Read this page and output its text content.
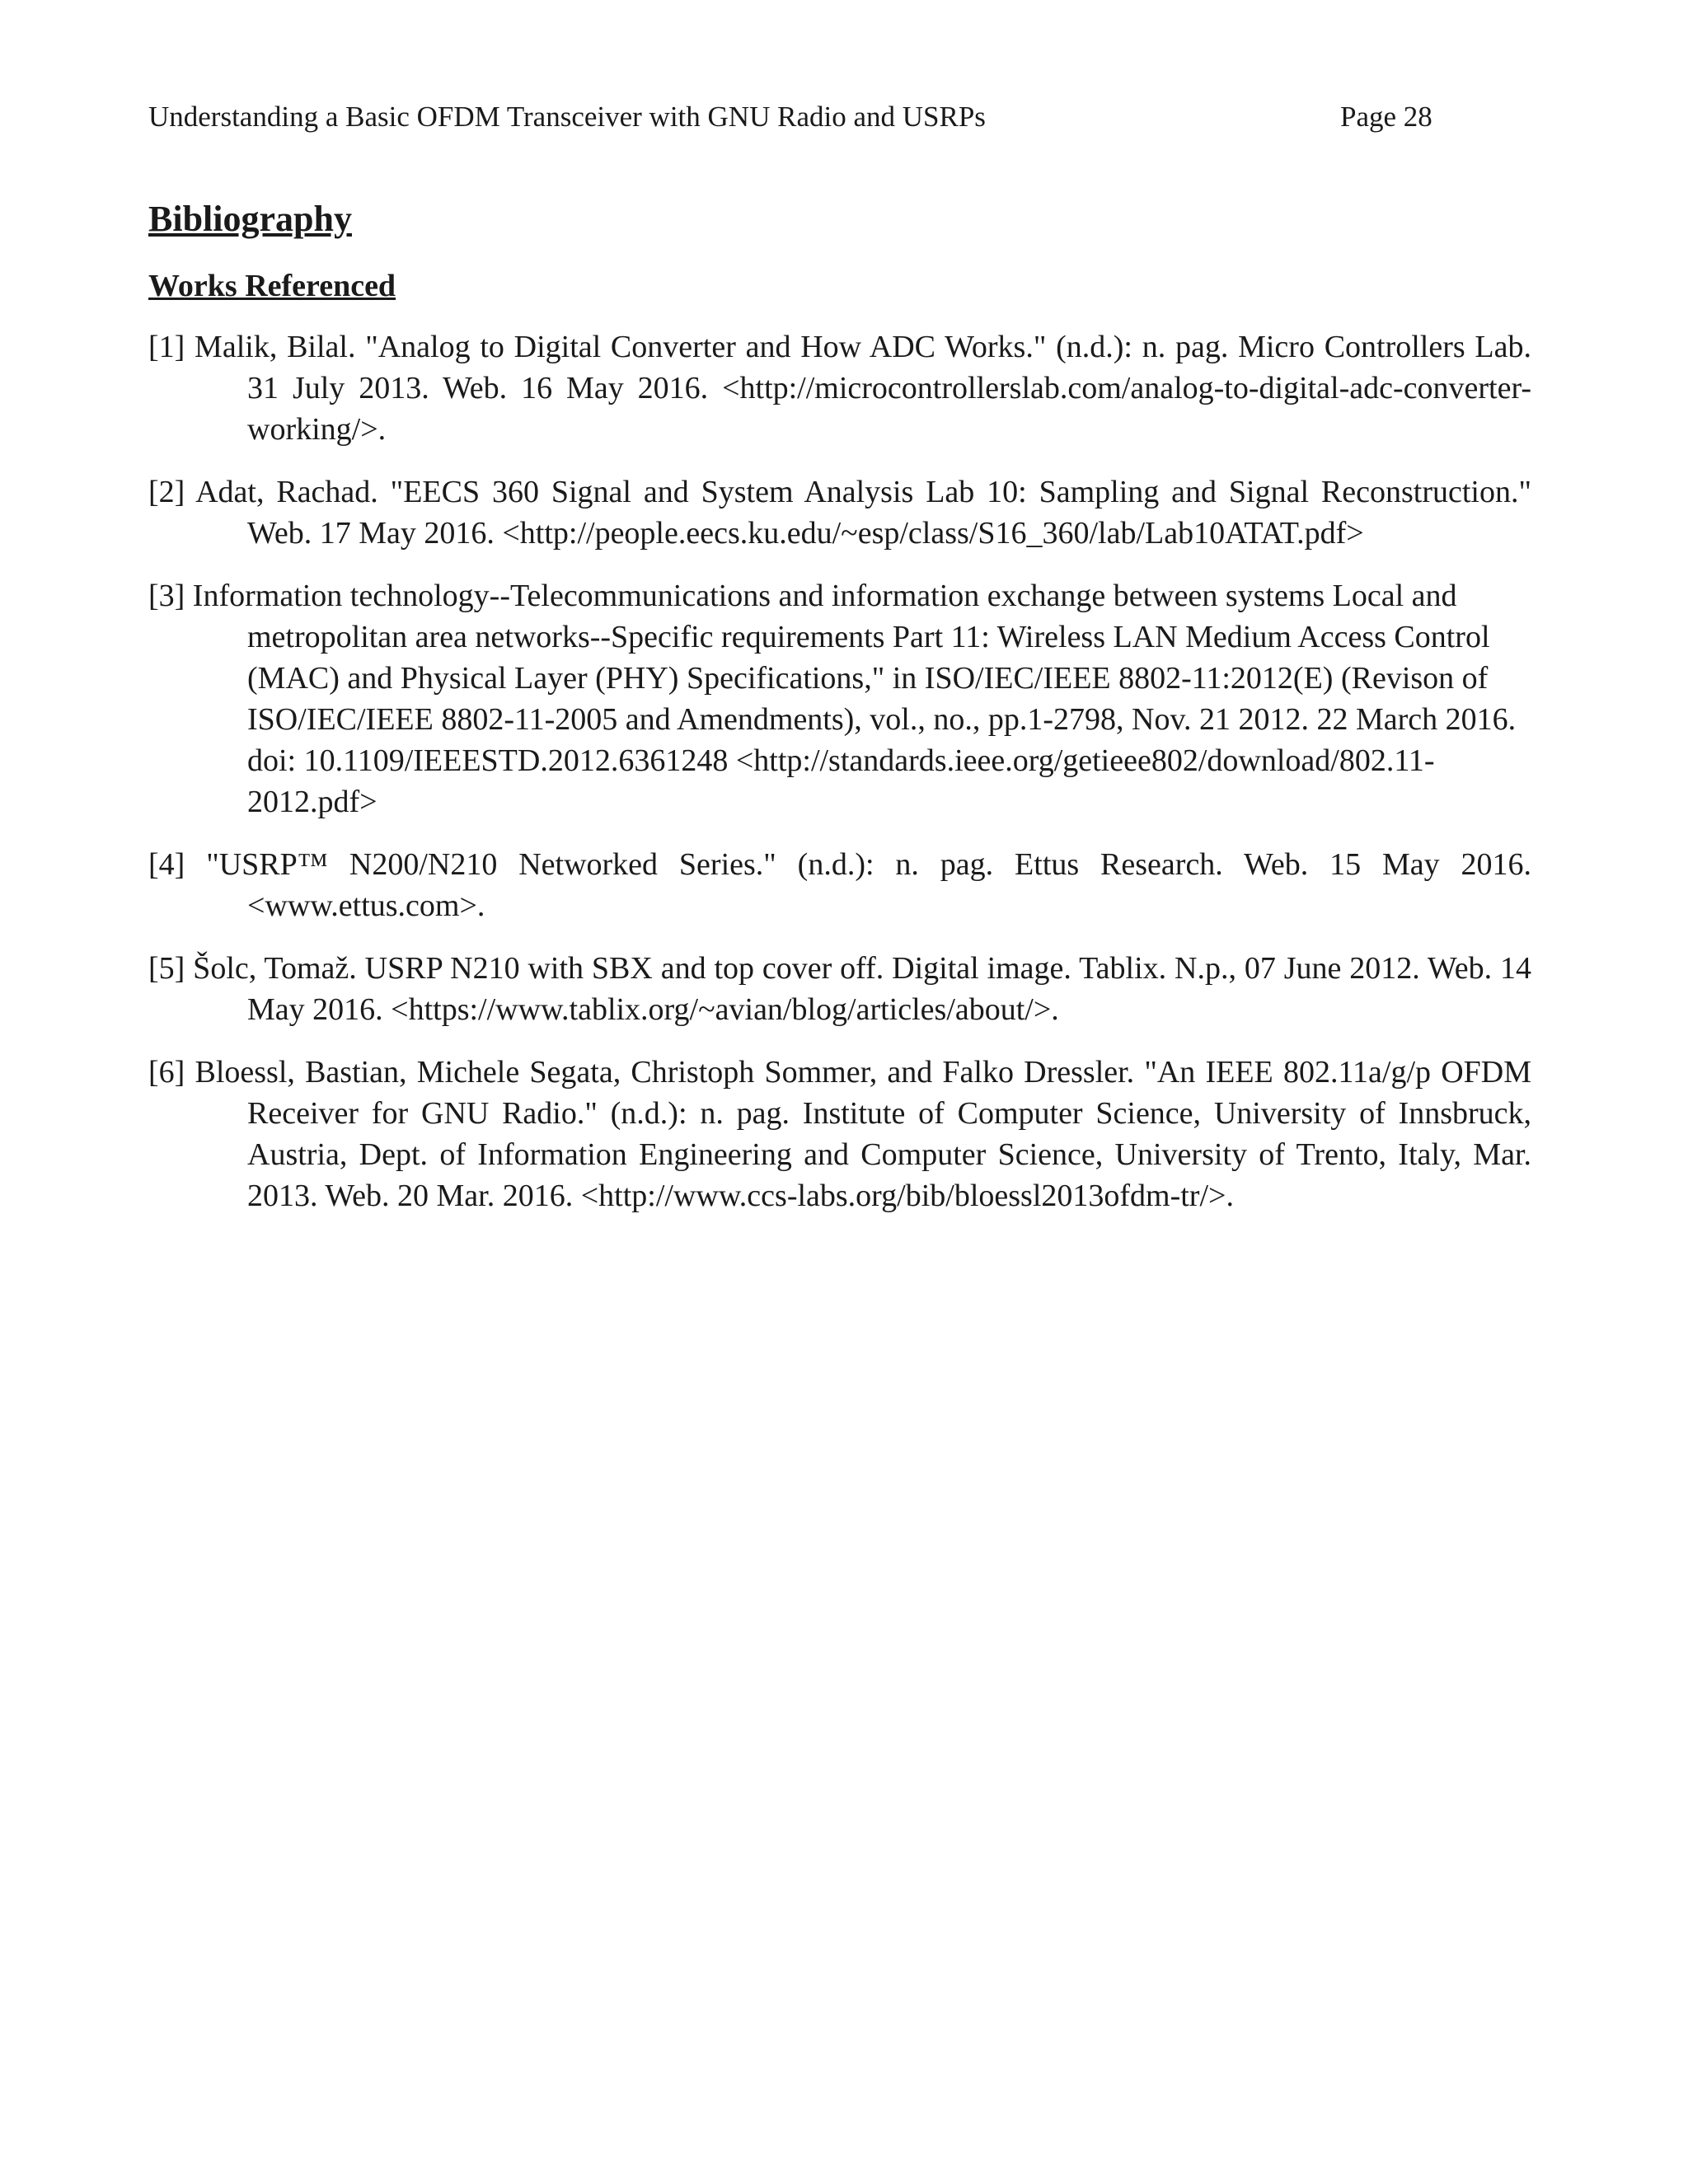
Understanding a Basic OFDM Transceiver with GNU Radio and USRPs	Page 28
Bibliography
Works Referenced
[1] Malik, Bilal. "Analog to Digital Converter and How ADC Works." (n.d.): n. pag. Micro Controllers Lab. 31 July 2013. Web. 16 May 2016. <http://microcontrollerslab.com/analog-to-digital-adc-converter-working/>.
[2] Adat, Rachad. "EECS 360 Signal and System Analysis Lab 10: Sampling and Signal Reconstruction." Web. 17 May 2016. <http://people.eecs.ku.edu/~esp/class/S16_360/lab/Lab10ATAT.pdf>
[3] Information technology--Telecommunications and information exchange between systems Local and metropolitan area networks--Specific requirements Part 11: Wireless LAN Medium Access Control (MAC) and Physical Layer (PHY) Specifications," in ISO/IEC/IEEE 8802-11:2012(E) (Revison of ISO/IEC/IEEE 8802-11-2005 and Amendments), vol., no., pp.1-2798, Nov. 21 2012. 22 March 2016. doi: 10.1109/IEEESTD.2012.6361248 <http://standards.ieee.org/getieee802/download/802.11-2012.pdf>
[4] "USRP™ N200/N210 Networked Series." (n.d.): n. pag. Ettus Research. Web. 15 May 2016. <www.ettus.com>.
[5] Šolc, Tomaž. USRP N210 with SBX and top cover off. Digital image. Tablix. N.p., 07 June 2012. Web. 14 May 2016. <https://www.tablix.org/~avian/blog/articles/about/>.
[6] Bloessl, Bastian, Michele Segata, Christoph Sommer, and Falko Dressler. "An IEEE 802.11a/g/p OFDM Receiver for GNU Radio." (n.d.): n. pag. Institute of Computer Science, University of Innsbruck, Austria, Dept. of Information Engineering and Computer Science, University of Trento, Italy, Mar. 2013. Web. 20 Mar. 2016. <http://www.ccs-labs.org/bib/bloessl2013ofdm-tr/>.
